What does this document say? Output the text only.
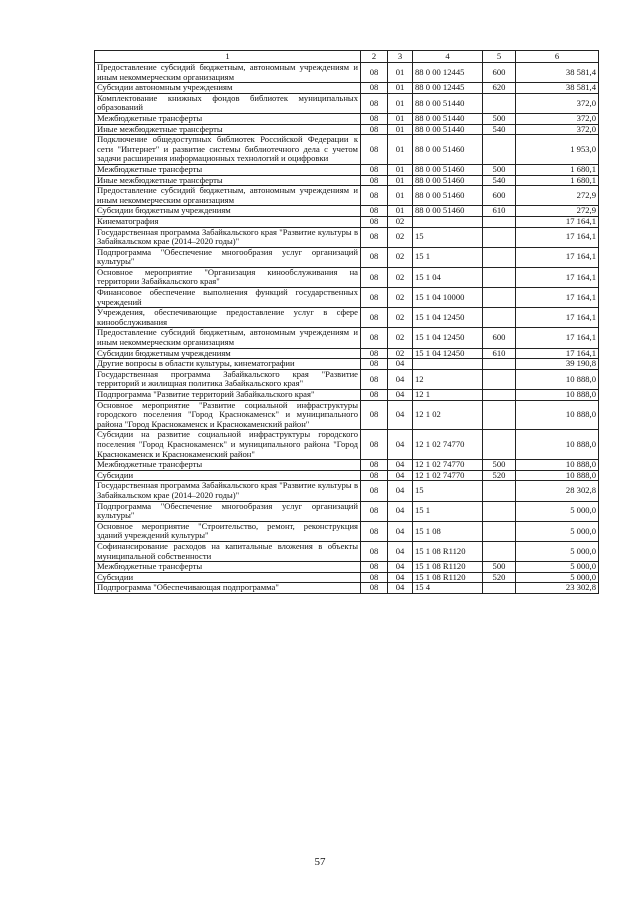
1	2	3	4	5	6
Предоставление субсидий бюджетным, автономным учреждениям и иным некоммерческим организациям	08	01	88 0 00 12445	600	38 581,4
Субсидии автономным учреждениям	08	01	88 0 00 12445	620	38 581,4
Комплектование книжных фондов библиотек муниципальных образований	08	01	88 0 00 51440		372,0
Межбюджетные трансферты	08	01	88 0 00 51440	500	372,0
Иные межбюджетные трансферты	08	01	88 0 00 51440	540	372,0
Подключение общедоступных библиотек Российской Федерации к сети "Интернет" и развитие системы библиотечного дела с учетом задачи расширения информационных технологий и оцифровки	08	01	88 0 00 51460		1 953,0
Межбюджетные трансферты	08	01	88 0 00 51460	500	1 680,1
Иные межбюджетные трансферты	08	01	88 0 00 51460	540	1 680,1
Предоставление субсидий бюджетным, автономным учреждениям и иным некоммерческим организациям	08	01	88 0 00 51460	600	272,9
Субсидии бюджетным учреждениям	08	01	88 0 00 51460	610	272,9
Кинематография	08	02			17 164,1
Государственная программа Забайкальского края "Развитие культуры в Забайкальском крае (2014–2020 годы)"	08	02	15		17 164,1
Подпрограмма "Обеспечение многообразия услуг организаций культуры"	08	02	15 1		17 164,1
Основное мероприятие "Организация кинообслуживания на территории Забайкальского края"	08	02	15 1 04		17 164,1
Финансовое обеспечение выполнения функций государственных учреждений	08	02	15 1 04 10000		17 164,1
Учреждения, обеспечивающие предоставление услуг в сфере кинообслуживания	08	02	15 1 04 12450		17 164,1
Предоставление субсидий бюджетным, автономным учреждениям и иным некоммерческим организациям	08	02	15 1 04 12450	600	17 164,1
Субсидии бюджетным учреждениям	08	02	15 1 04 12450	610	17 164,1
Другие вопросы в области культуры, кинематографии	08	04			39 190,8
Государственная программа Забайкальского края "Развитие территорий и жилищная политика Забайкальского края"	08	04	12		10 888,0
Подпрограмма "Развитие территорий Забайкальского края"	08	04	12 1		10 888,0
Основное мероприятие "Развитие социальной инфраструктуры городского поселения "Город Краснокаменск" и муниципального района "Город Краснокаменск и Краснокаменский район"	08	04	12 1 02		10 888,0
Субсидии на развитие социальной инфраструктуры городского поселения "Город Краснокаменск" и муниципального района "Город Краснокаменск и Краснокаменский район"	08	04	12 1 02 74770		10 888,0
Межбюджетные трансферты	08	04	12 1 02 74770	500	10 888,0
Субсидии	08	04	12 1 02 74770	520	10 888,0
Государственная программа Забайкальского края "Развитие культуры в Забайкальском крае (2014–2020 годы)"	08	04	15		28 302,8
Подпрограмма "Обеспечение многообразия услуг организаций культуры"	08	04	15 1		5 000,0
Основное мероприятие "Строительство, ремонт, реконструкция зданий учреждений культуры"	08	04	15 1 08		5 000,0
Софинансирование расходов на капитальные вложения в объекты муниципальной собственности	08	04	15 1 08 R1120		5 000,0
Межбюджетные трансферты	08	04	15 1 08 R1120	500	5 000,0
Субсидии	08	04	15 1 08 R1120	520	5 000,0
Подпрограмма "Обеспечивающая подпрограмма"	08	04	15 4		23 302,8
57
